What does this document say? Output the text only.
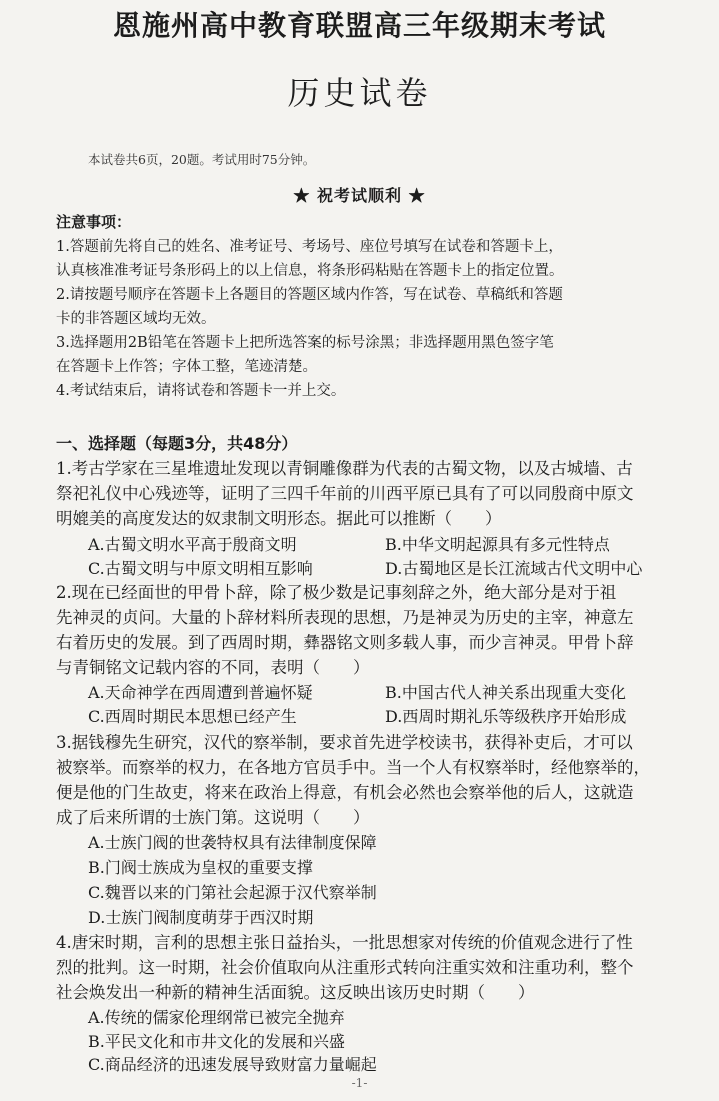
恩施州高中教育联盟高三年级期末考试
历史试卷
本试卷共6页，20题。考试用时75分钟。
★ 祝考试顺利 ★
注意事项：
1.答题前先将自己的姓名、准考证号、考场号、座位号填写在试卷和答题卡上，
认真核准准考证号条形码上的以上信息，将条形码粘贴在答题卡上的指定位置。
2.请按题号顺序在答题卡上各题目的答题区域内作答，写在试卷、草稿纸和答题
卡的非答题区域均无效。
3.选择题用2B铅笔在答题卡上把所选答案的标号涂黑；非选择题用黑色签字笔
在答题卡上作答；字体工整，笔迹清楚。
4.考试结束后，请将试卷和答题卡一并上交。
一、选择题（每题3分，共48分）
1.考古学家在三星堆遗址发现以青铜雕像群为代表的古蜀文物，以及古城墙、古
祭祀礼仪中心残迹等，证明了三四千年前的川西平原已具有了可以同殷商中原文
明媲美的高度发达的奴隶制文明形态。据此可以推断（　　）
A.古蜀文明水平高于殷商文明	B.中华文明起源具有多元性特点
C.古蜀文明与中原文明相互影响	D.古蜀地区是长江流域古代文明中心
2.现在已经面世的甲骨卜辞，除了极少数是记事刻辞之外，绝大部分是对于祖
先神灵的贞问。大量的卜辞材料所表现的思想，乃是神灵为历史的主宰，神意左
右着历史的发展。到了西周时期，彝器铭文则多载人事，而少言神灵。甲骨卜辞
与青铜铭文记载内容的不同，表明（　　）
A.天命神学在西周遭到普遍怀疑	B.中国古代人神关系出现重大变化
C.西周时期民本思想已经产生	D.西周时期礼乐等级秩序开始形成
3.据钱穆先生研究，汉代的察举制，要求首先进学校读书，获得补吏后，才可以
被察举。而察举的权力，在各地方官员手中。当一个人有权察举时，经他察举的，
便是他的门生故吏，将来在政治上得意，有机会必然也会察举他的后人，这就造
成了后来所谓的士族门第。这说明（　　）
A.士族门阀的世袭特权具有法律制度保障
B.门阀士族成为皇权的重要支撑
C.魏晋以来的门第社会起源于汉代察举制
D.士族门阀制度萌芽于西汉时期
4.唐宋时期，言利的思想主张日益抬头，一批思想家对传统的价值观念进行了性
烈的批判。这一时期，社会价值取向从注重形式转向注重实效和注重功利，整个
社会焕发出一种新的精神生活面貌。这反映出该历史时期（　　）
A.传统的儒家伦理纲常已被完全抛弃
B.平民文化和市井文化的发展和兴盛
C.商品经济的迅速发展导致财富力量崛起
-1-
